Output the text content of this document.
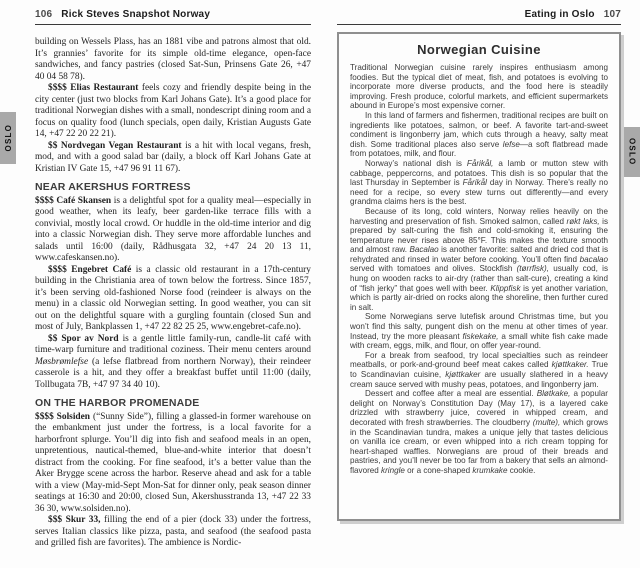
106 Rick Steves Snapshot Norway

building on Wessels Plass, has an 1881 vibe and patrons almost that old. It’s grannies’ favorite for its simple old-time elegance, open-face sandwiches, and fancy pastries (closed Sat-Sun, Prinsens Gate 26, +47 40 04 58 78).

$$$$ Elias Restaurant feels cozy and friendly despite being in the city center (just two blocks from Karl Johans Gate). It’s a good place for traditional Norwegian dishes with a small, nondescript dining room and a focus on quality food (lunch specials, open daily, Kristian Augusts Gate 14, +47 22 20 22 21).

$$ Nordvegan Vegan Restaurant is a hit with local vegans, fresh, mod, and with a good salad bar (daily, a block off Karl Johans Gate at Kristian IV Gate 15, +47 96 91 11 67).

NEAR AKERSHUS FORTRESS

$$$$ Café Skansen is a delightful spot for a quality meal—especially in good weather, when its leafy, beer garden-like terrace fills with a convivial, mostly local crowd. Or huddle in the old-time interior and dig into a classic Norwegian dish. They serve more affordable lunches and salads until 16:00 (daily, Rådhusgata 32, +47 24 20 13 11, www.cafeskansen.no).

$$$$ Engebret Café is a classic old restaurant in a 17th-century building in the Christiania area of town below the fortress. Since 1857, it’s been serving old-fashioned Norse food (reindeer is always on the menu) in a classic old Norwegian setting. In good weather, you can sit out on the delightful square with a gurgling fountain (closed Sun and most of July, Bankplassen 1, +47 22 82 25 25, www.engebret-cafe.no).

$$ Spor av Nord is a gentle little family-run, candle-lit café with time-warp furniture and traditional coziness. Their menu centers around Møsbrømlefse (a lefse flatbread from northern Norway), their reindeer casserole is a hit, and they offer a breakfast buffet until 11:00 (daily, Tollbugata 7B, +47 97 34 40 10).

ON THE HARBOR PROMENADE

$$$$ Solsiden (“Sunny Side”), filling a glassed-in former warehouse on the embankment just under the fortress, is a local favorite for a harborfront splurge. You’ll dig into fish and seafood meals in an open, unpretentious, nautical-themed, blue-and-white interior that doesn’t distract from the cooking. For fine seafood, it’s a better value than the Aker Brygge scene across the harbor. Reserve ahead and ask for a table with a view (May-mid-Sept Mon-Sat for dinner only, peak season dinner seatings at 16:30 and 20:00, closed Sun, Akershusstranda 13, +47 22 33 36 30, www.solsiden.no).

$$$ Skur 33, filling the end of a pier (dock 33) under the fortress, serves Italian classics like pizza, pasta, and seafood (the seafood pasta and grilled fish are favorites). The ambience is Nordic-

Eating in Oslo 107
Norwegian Cuisine

Traditional Norwegian cuisine rarely inspires enthusiasm among foodies. But the typical diet of meat, fish, and potatoes is evolving to incorporate more diverse products, and the food here is steadily improving. Fresh produce, colorful markets, and efficient supermarkets abound in Europe’s most expensive corner.

In this land of farmers and fishermen, traditional recipes are built on ingredients like potatoes, salmon, or beef. A favorite tart-and-sweet condiment is lingonberry jam, which cuts through a heavy, salty meat dish. Some traditional places also serve lefse—a soft flatbread made from potatoes, milk, and flour.

Norway’s national dish is Fårikål, a lamb or mutton stew with cabbage, peppercorns, and potatoes. This dish is so popular that the last Thursday in September is Fårikål day in Norway. There’s really no need for a recipe, so every stew turns out differently—and every grandma claims hers is the best.

Because of its long, cold winters, Norway relies heavily on the harvesting and preservation of fish. Smoked salmon, called røkt laks, is prepared by salt-curing the fish and cold-smoking it, ensuring the temperature never rises above 85°F. This makes the texture smooth and almost raw. Bacalao is another favorite: salted and dried cod that is rehydrated and rinsed in water before cooking. You’ll often find bacalao served with tomatoes and olives. Stockfish (tørrfisk), usually cod, is hung on wooden racks to air-dry (rather than salt-cure), creating a kind of “fish jerky” that goes well with beer. Klippfisk is yet another variation, which is partly air-dried on rocks along the shoreline, then further cured in salt.

Some Norwegians serve lutefisk around Christmas time, but you won’t find this salty, pungent dish on the menu at other times of year. Instead, try the more pleasant fiskekake, a small white fish cake made with cream, eggs, milk, and flour, on offer year-round.

For a break from seafood, try local specialties such as reindeer meatballs, or pork-and-ground beef meat cakes called kjøttkaker. True to Scandinavian cuisine, kjøttkaker are usually slathered in a heavy cream sauce served with mushy peas, potatoes, and lingonberry jam.

Dessert and coffee after a meal are essential. Bløtkake, a popular delight on Norway’s Constitution Day (May 17), is a layered cake drizzled with strawberry juice, covered in whipped cream, and decorated with fresh strawberries. The cloudberry (multe), which grows in the Scandinavian tundra, makes a unique jelly that tastes delicious on vanilla ice cream, or even whipped into a rich cream topping for heart-shaped waffles. Norwegians are proud of their breads and pastries, and you’ll never be too far from a bakery that sells an almond-flavored kringle or a cone-shaped krumkake cookie.

OSLO
OSLO
